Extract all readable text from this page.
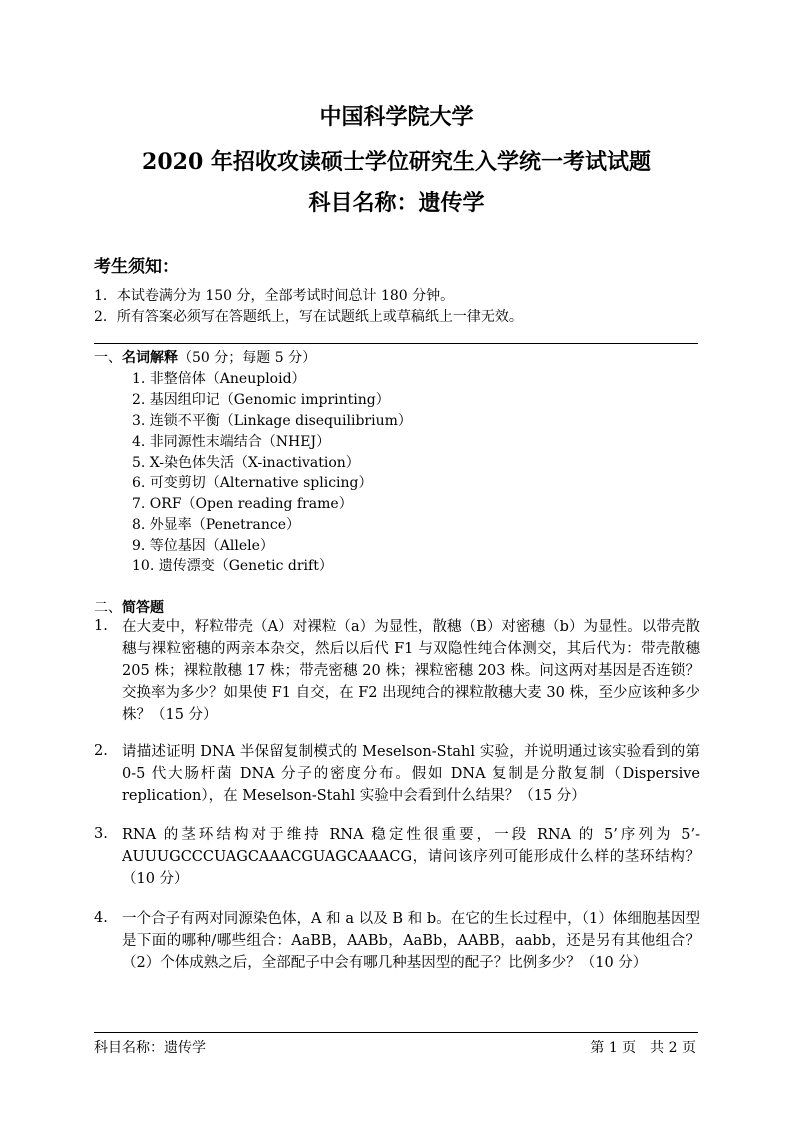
中国科学院大学
2020 年招收攻读硕士学位研究生入学统一考试试题
科目名称：遗传学
考生须知：
1．本试卷满分为 150 分，全部考试时间总计 180 分钟。
2．所有答案必须写在答题纸上，写在试题纸上或草稿纸上一律无效。
一、名词解释（50 分；每题 5 分）
1. 非整倍体（Aneuploid）
2. 基因组印记（Genomic imprinting）
3. 连锁不平衡（Linkage disequilibrium）
4. 非同源性末端结合（NHEJ）
5. X-染色体失活（X-inactivation）
6. 可变剪切（Alternative splicing）
7. ORF（Open reading frame）
8. 外显率（Penetrance）
9. 等位基因（Allele）
10. 遗传漂变（Genetic drift）
二、简答题
1. 在大麦中，籽粒带壳（A）对裸粒（a）为显性，散穗（B）对密穗（b）为显性。以带壳散穗与裸粒密穗的两亲本杂交，然后以后代 F1 与双隐性纯合体测交，其后代为：带壳散穗 205 株；裸粒散穗 17 株；带壳密穗 20 株；裸粒密穗 203 株。问这两对基因是否连锁？交换率为多少？如果使 F1 自交，在 F2 出现纯合的裸粒散穗大麦 30 株，至少应该种多少株？（15 分）
2. 请描述证明 DNA 半保留复制模式的 Meselson-Stahl 实验，并说明通过该实验看到的第 0-5 代大肠杆菌 DNA 分子的密度分布。假如 DNA 复制是分散复制（Dispersive replication），在 Meselson-Stahl 实验中会看到什么结果？（15 分）
3. RNA 的茎环结构对于维持 RNA 稳定性很重要，一段 RNA 的 5’序列为 5’-AUUUGCCCUAGCAAACGUAGCAAACG，请问该序列可能形成什么样的茎环结构？（10 分）
4. 一个合子有两对同源染色体，A 和 a 以及 B 和 b。在它的生长过程中，（1）体细胞基因型是下面的哪种/哪些组合：AaBB，AABb，AaBb，AABB，aabb，还是另有其他组合？（2）个体成熟之后，全部配子中会有哪几种基因型的配子？比例多少？（10 分）
科目名称：遗传学	第 1 页　共 2 页
